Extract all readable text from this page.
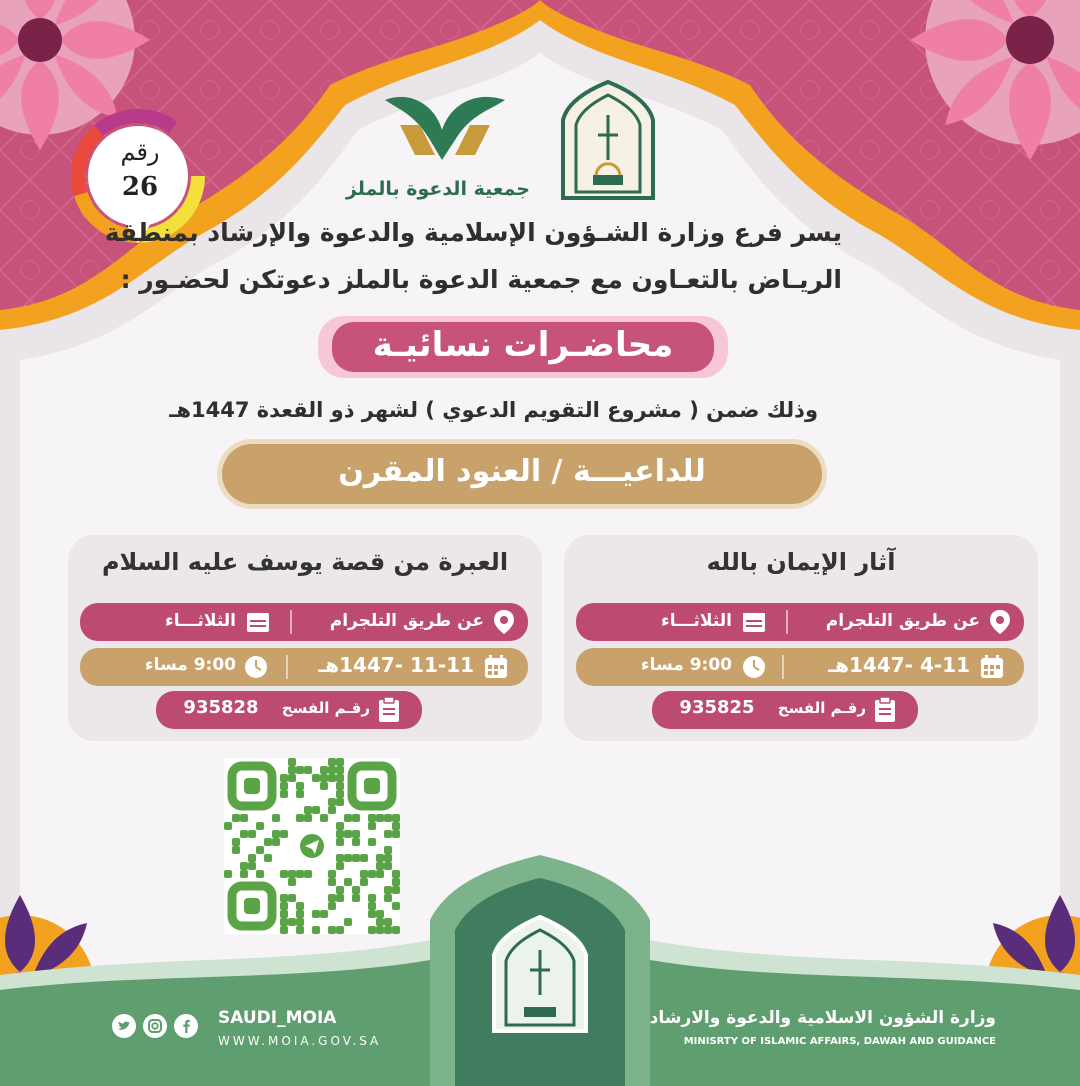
جمعية الدعوة بالملز
رقم
26
يسر فرع وزارة الشـؤون الإسلامية والدعوة والإرشاد بمنطقة
الريـاض بالتعـاون مع جمعية الدعوة بالملز دعوتكن لحضـور :
محاضـرات نسائيـة
وذلك ضمن ( مشروع التقويم الدعوي ) لشهر ذو القعدة 1447هـ
للداعيـــة / العنود المقرن
آثار الإيمان بالله
عن طريق التلجرام
الثلاثـــاء
4-11 -1447هـ
9:00 مساء
رقـم الفسح
935825
العبرة من قصة يوسف عليه السلام
عن طريق التلجرام
الثلاثـــاء
11-11 -1447هـ
9:00 مساء
رقـم الفسح
935828
وزارة الشؤون الاسلامية والدعوة والارشاد
MINISRTY OF ISLAMIC AFFAIRS, DAWAH AND GUIDANCE
SAUDI_MOIA
WWW.MOIA.GOV.SA
